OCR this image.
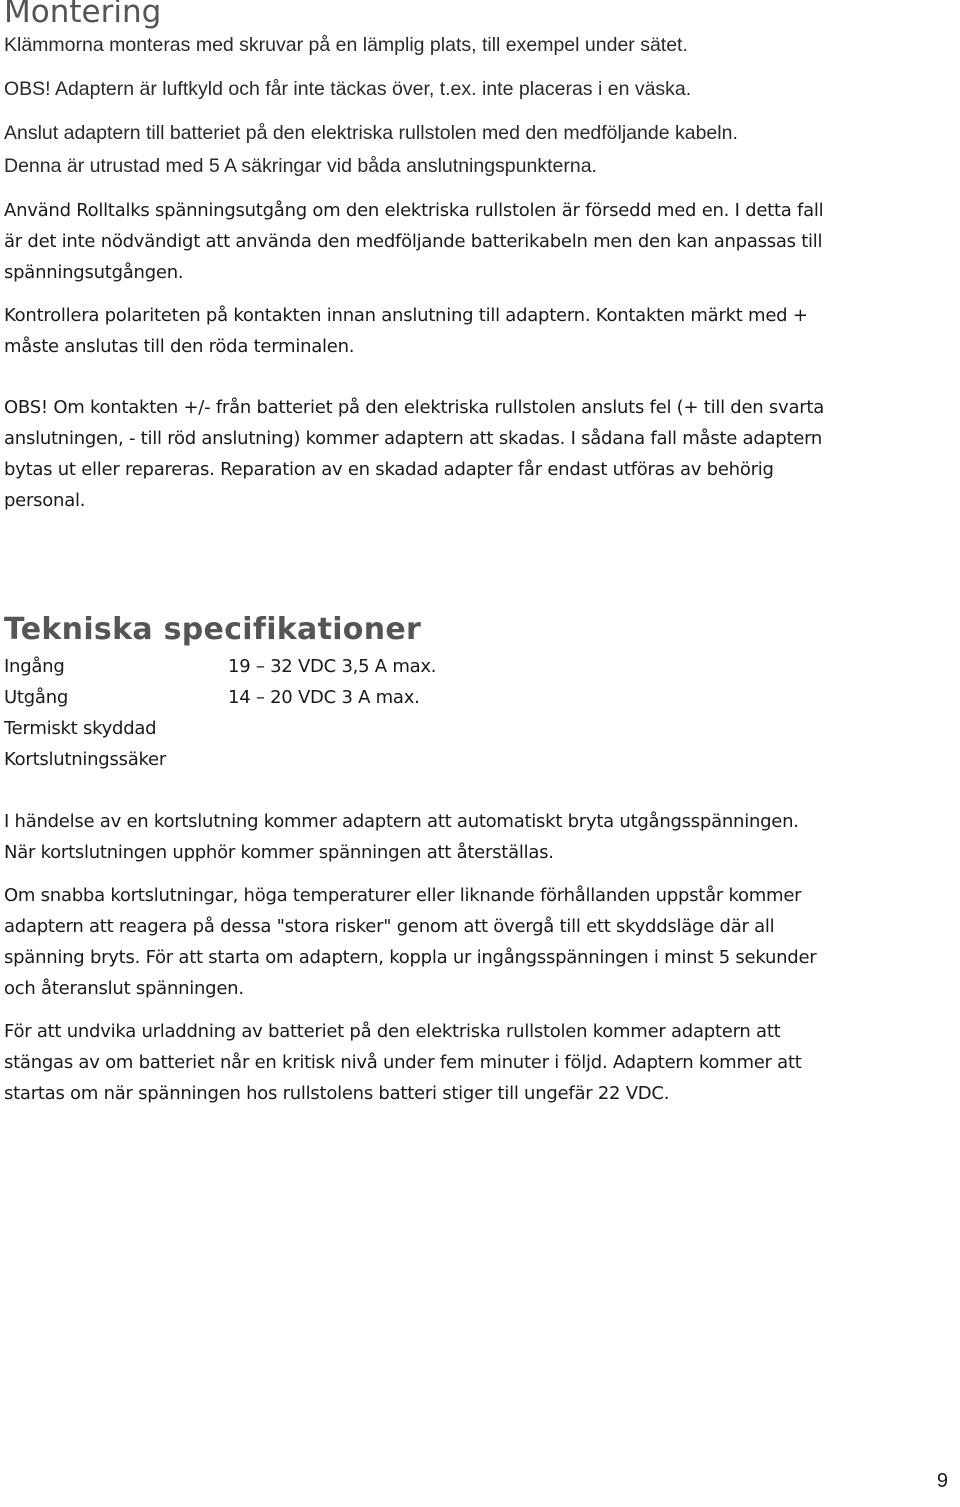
Montering
Klämmorna monteras med skruvar på en lämplig plats, till exempel under sätet.
OBS! Adaptern är luftkyld och får inte täckas över, t.ex. inte placeras i en väska.
Anslut adaptern till batteriet på den elektriska rullstolen med den medföljande kabeln.
Denna är utrustad med 5 A säkringar vid båda anslutningspunkterna.
Använd Rolltalks spänningsutgång om den elektriska rullstolen är försedd med en. I detta fall
är det inte nödvändigt att använda den medföljande batterikabeln men den kan anpassas till
spänningsutgången.
Kontrollera polariteten på kontakten innan anslutning till adaptern. Kontakten märkt med +
måste anslutas till den röda terminalen.
OBS! Om kontakten +/- från batteriet på den elektriska rullstolen ansluts fel (+ till den svarta
anslutningen, - till röd anslutning) kommer adaptern att skadas. I sådana fall måste adaptern
bytas ut eller repareras. Reparation av en skadad adapter får endast utföras av behörig
personal.
Tekniska specifikationer
Ingång	19 – 32 VDC 3,5 A max.
Utgång	14 – 20 VDC 3 A max.
Termiskt skyddad
Kortslutningssäker
I händelse av en kortslutning kommer adaptern att automatiskt bryta utgångsspänningen.
När kortslutningen upphör kommer spänningen att återställas.
Om snabba kortslutningar, höga temperaturer eller liknande förhållanden uppstår kommer
adaptern att reagera på dessa "stora risker" genom att övergå till ett skyddsläge där all
spänning bryts. För att starta om adaptern, koppla ur ingångsspänningen i minst 5 sekunder
och återanslut spänningen.
För att undvika urladdning av batteriet på den elektriska rullstolen kommer adaptern att
stängas av om batteriet når en kritisk nivå under fem minuter i följd. Adaptern kommer att
startas om när spänningen hos rullstolens batteri stiger till ungefär 22 VDC.
9
